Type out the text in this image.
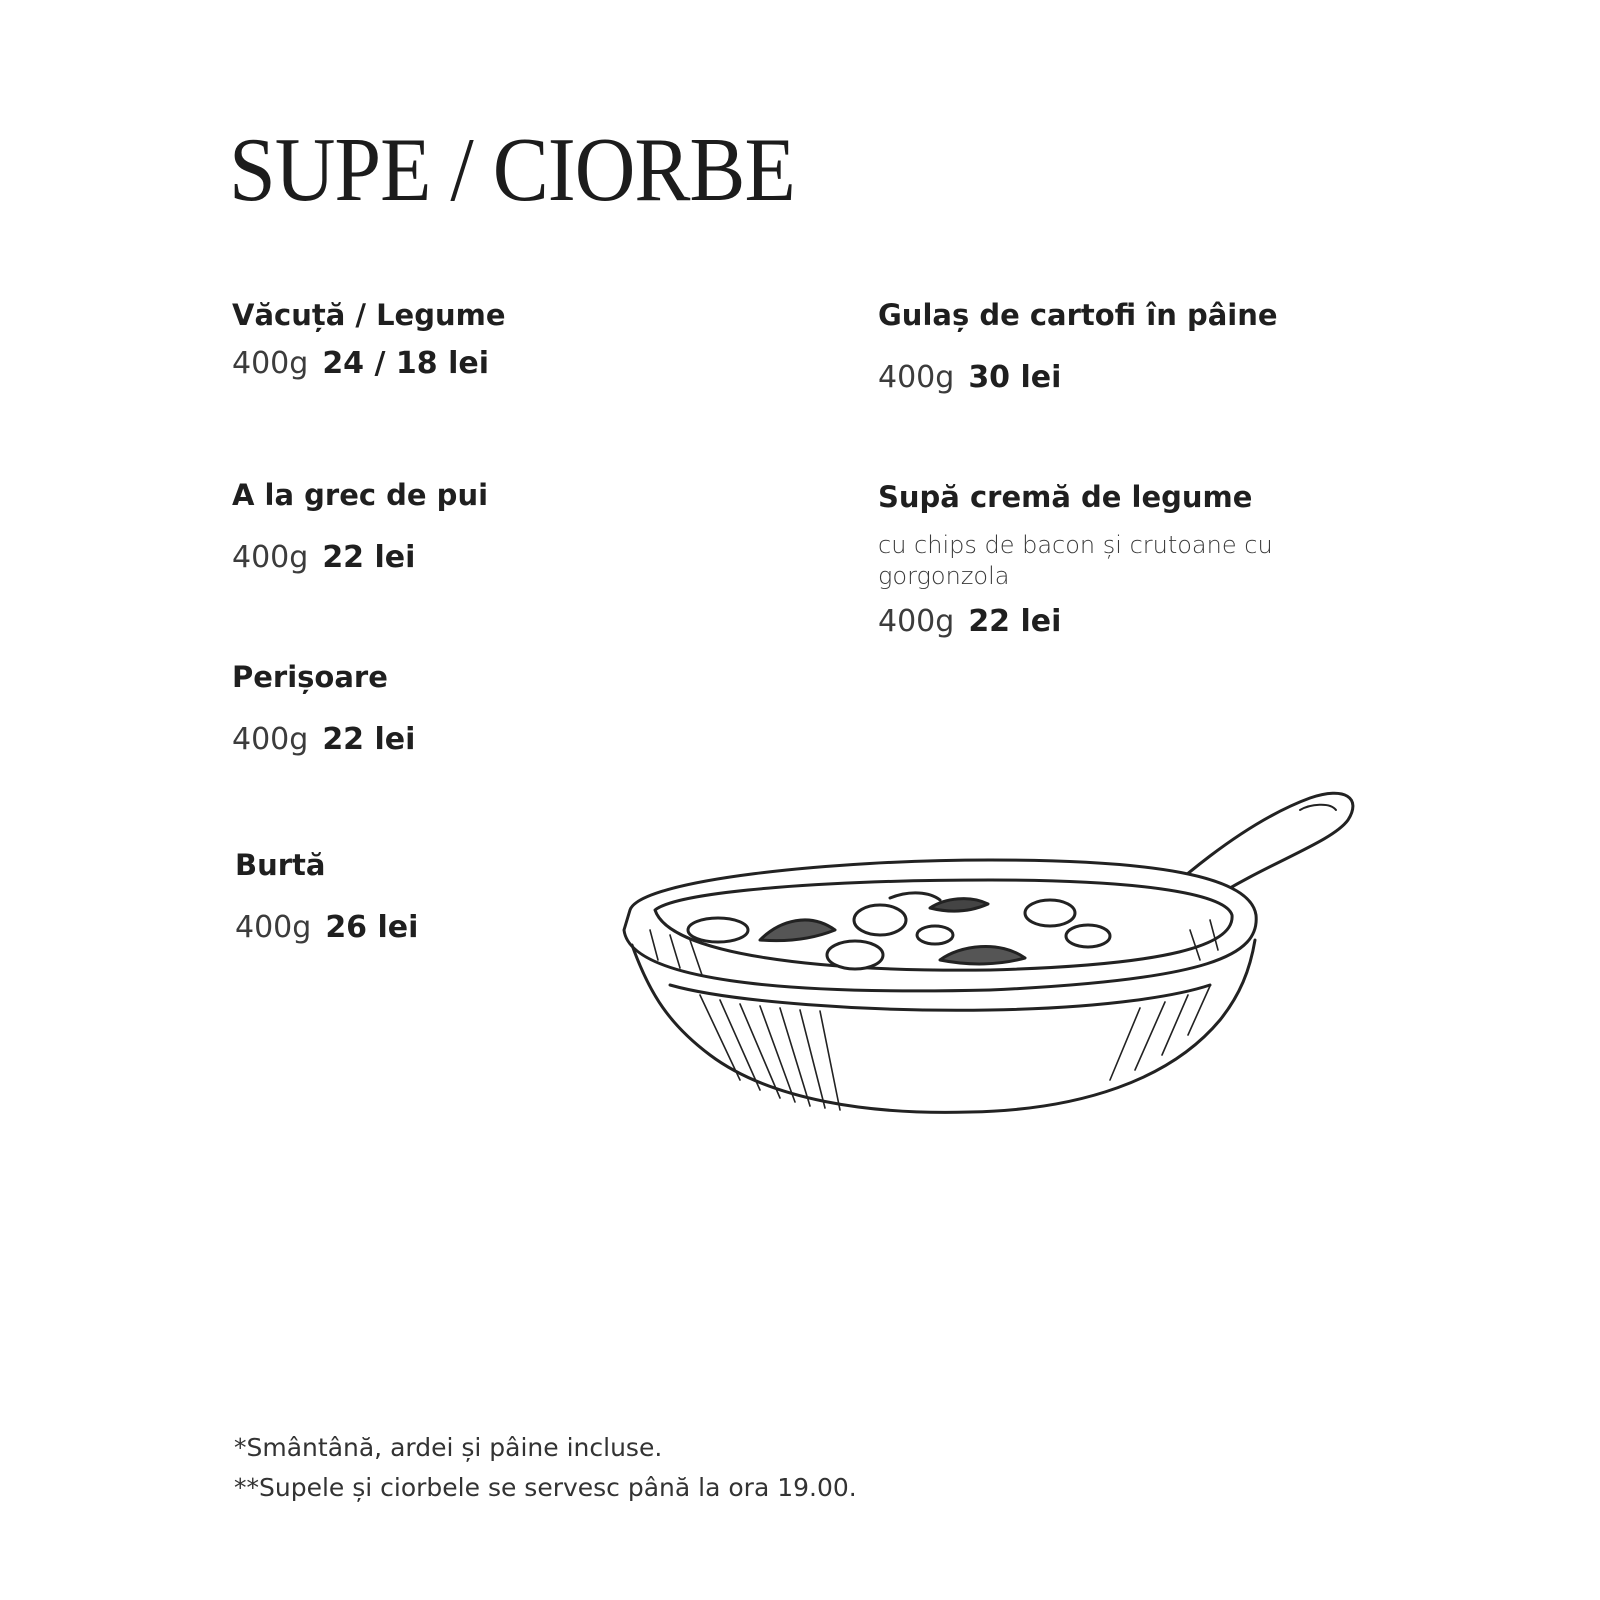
SUPE / CIORBE
Văcuță / Legume
400g 24 / 18 lei
A la grec de pui
400g 22 lei
Perișoare
400g 22 lei
Burtă
400g 26 lei
Gulaș de cartofi în pâine
400g 30 lei
Supă cremă de legume
cu chips de bacon și crutoane cu gorgonzola
400g 22 lei
*Smântână, ardei și pâine incluse.
**Supele și ciorbele se servesc până la ora 19.00.
